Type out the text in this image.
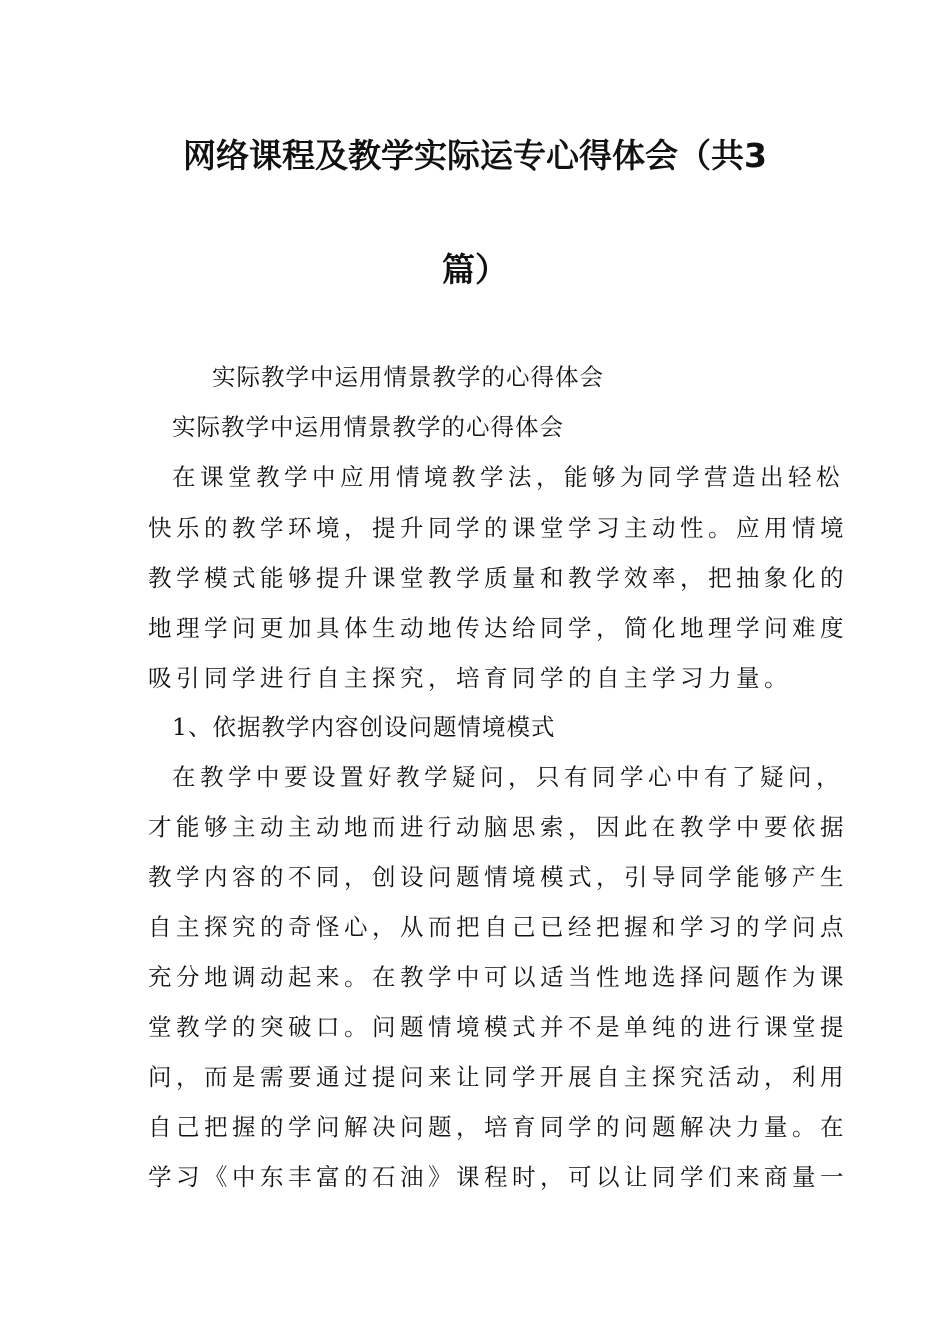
网络课程及教学实际运专心得体会（共3
篇）

实际教学中运用情景教学的心得体会

实际教学中运用情景教学的心得体会

在课堂教学中应用情境教学法，能够为同学营造出轻松

快乐的教学环境，提升同学的课堂学习主动性。应用情境

教学模式能够提升课堂教学质量和教学效率，把抽象化的

地理学问更加具体生动地传达给同学，简化地理学问难度

吸引同学进行自主探究，培育同学的自主学习力量。

1、依据教学内容创设问题情境模式

在教学中要设置好教学疑问，只有同学心中有了疑问，

才能够主动主动地而进行动脑思索，因此在教学中要依据

教学内容的不同，创设问题情境模式，引导同学能够产生

自主探究的奇怪心，从而把自己已经把握和学习的学问点

充分地调动起来。在教学中可以适当性地选择问题作为课

堂教学的突破口。问题情境模式并不是单纯的进行课堂提

问，而是需要通过提问来让同学开展自主探究活动，利用

自己把握的学问解决问题，培育同学的问题解决力量。在

学习《中东丰富的石油》课程时，可以让同学们来商量一
